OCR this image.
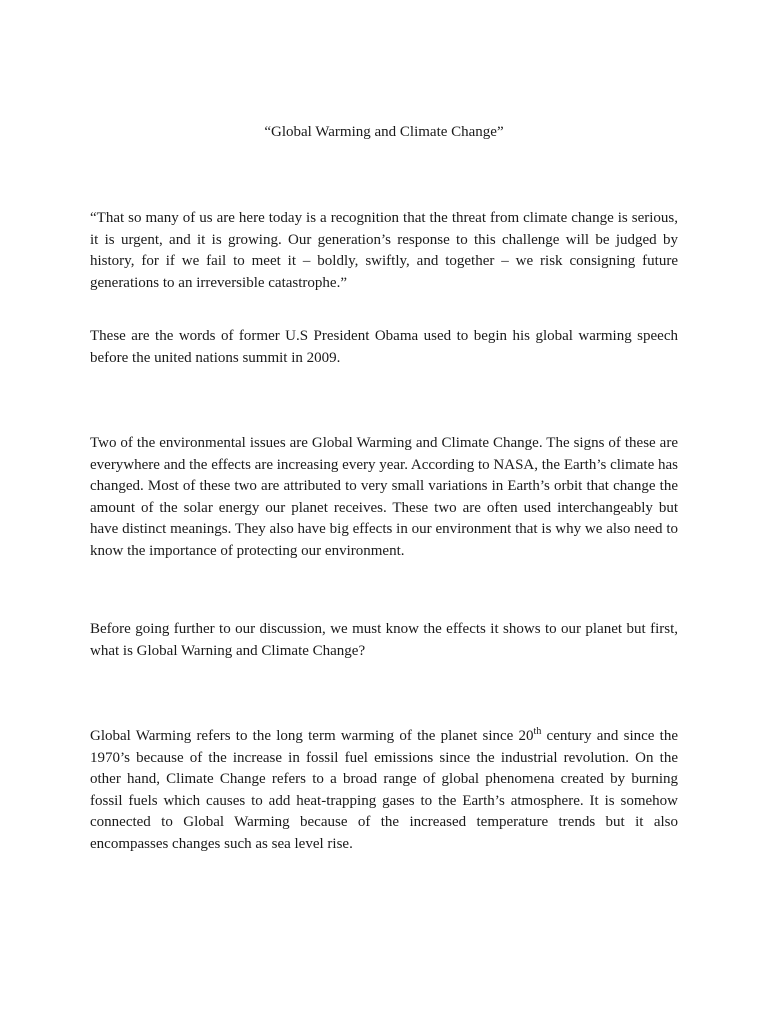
“Global Warming and Climate Change”

“That so many of us are here today is a recognition that the threat from climate change is serious, it is urgent, and it is growing. Our generation’s response to this challenge will be judged by history, for if we fail to meet it – boldly, swiftly, and together – we risk consigning future generations to an irreversible catastrophe.”

These are the words of former U.S President Obama used to begin his global warming speech before the united nations summit in 2009.

Two of the environmental issues are Global Warming and Climate Change. The signs of these are everywhere and the effects are increasing every year. According to NASA, the Earth’s climate has changed. Most of these two are attributed to very small variations in Earth’s orbit that change the amount of the solar energy our planet receives. These two are often used interchangeably but have distinct meanings. They also have big effects in our environment that is why we also need to know the importance of protecting our environment.

Before going further to our discussion, we must know the effects it shows to our planet but first, what is Global Warning and Climate Change?

Global Warming refers to the long term warming of the planet since 20th century and since the 1970’s because of the increase in fossil fuel emissions since the industrial revolution. On the other hand, Climate Change refers to a broad range of global phenomena created by burning fossil fuels which causes to add heat-trapping gases to the Earth’s atmosphere. It is somehow connected to Global Warming because of the increased temperature trends but it also encompasses changes such as sea level rise.
